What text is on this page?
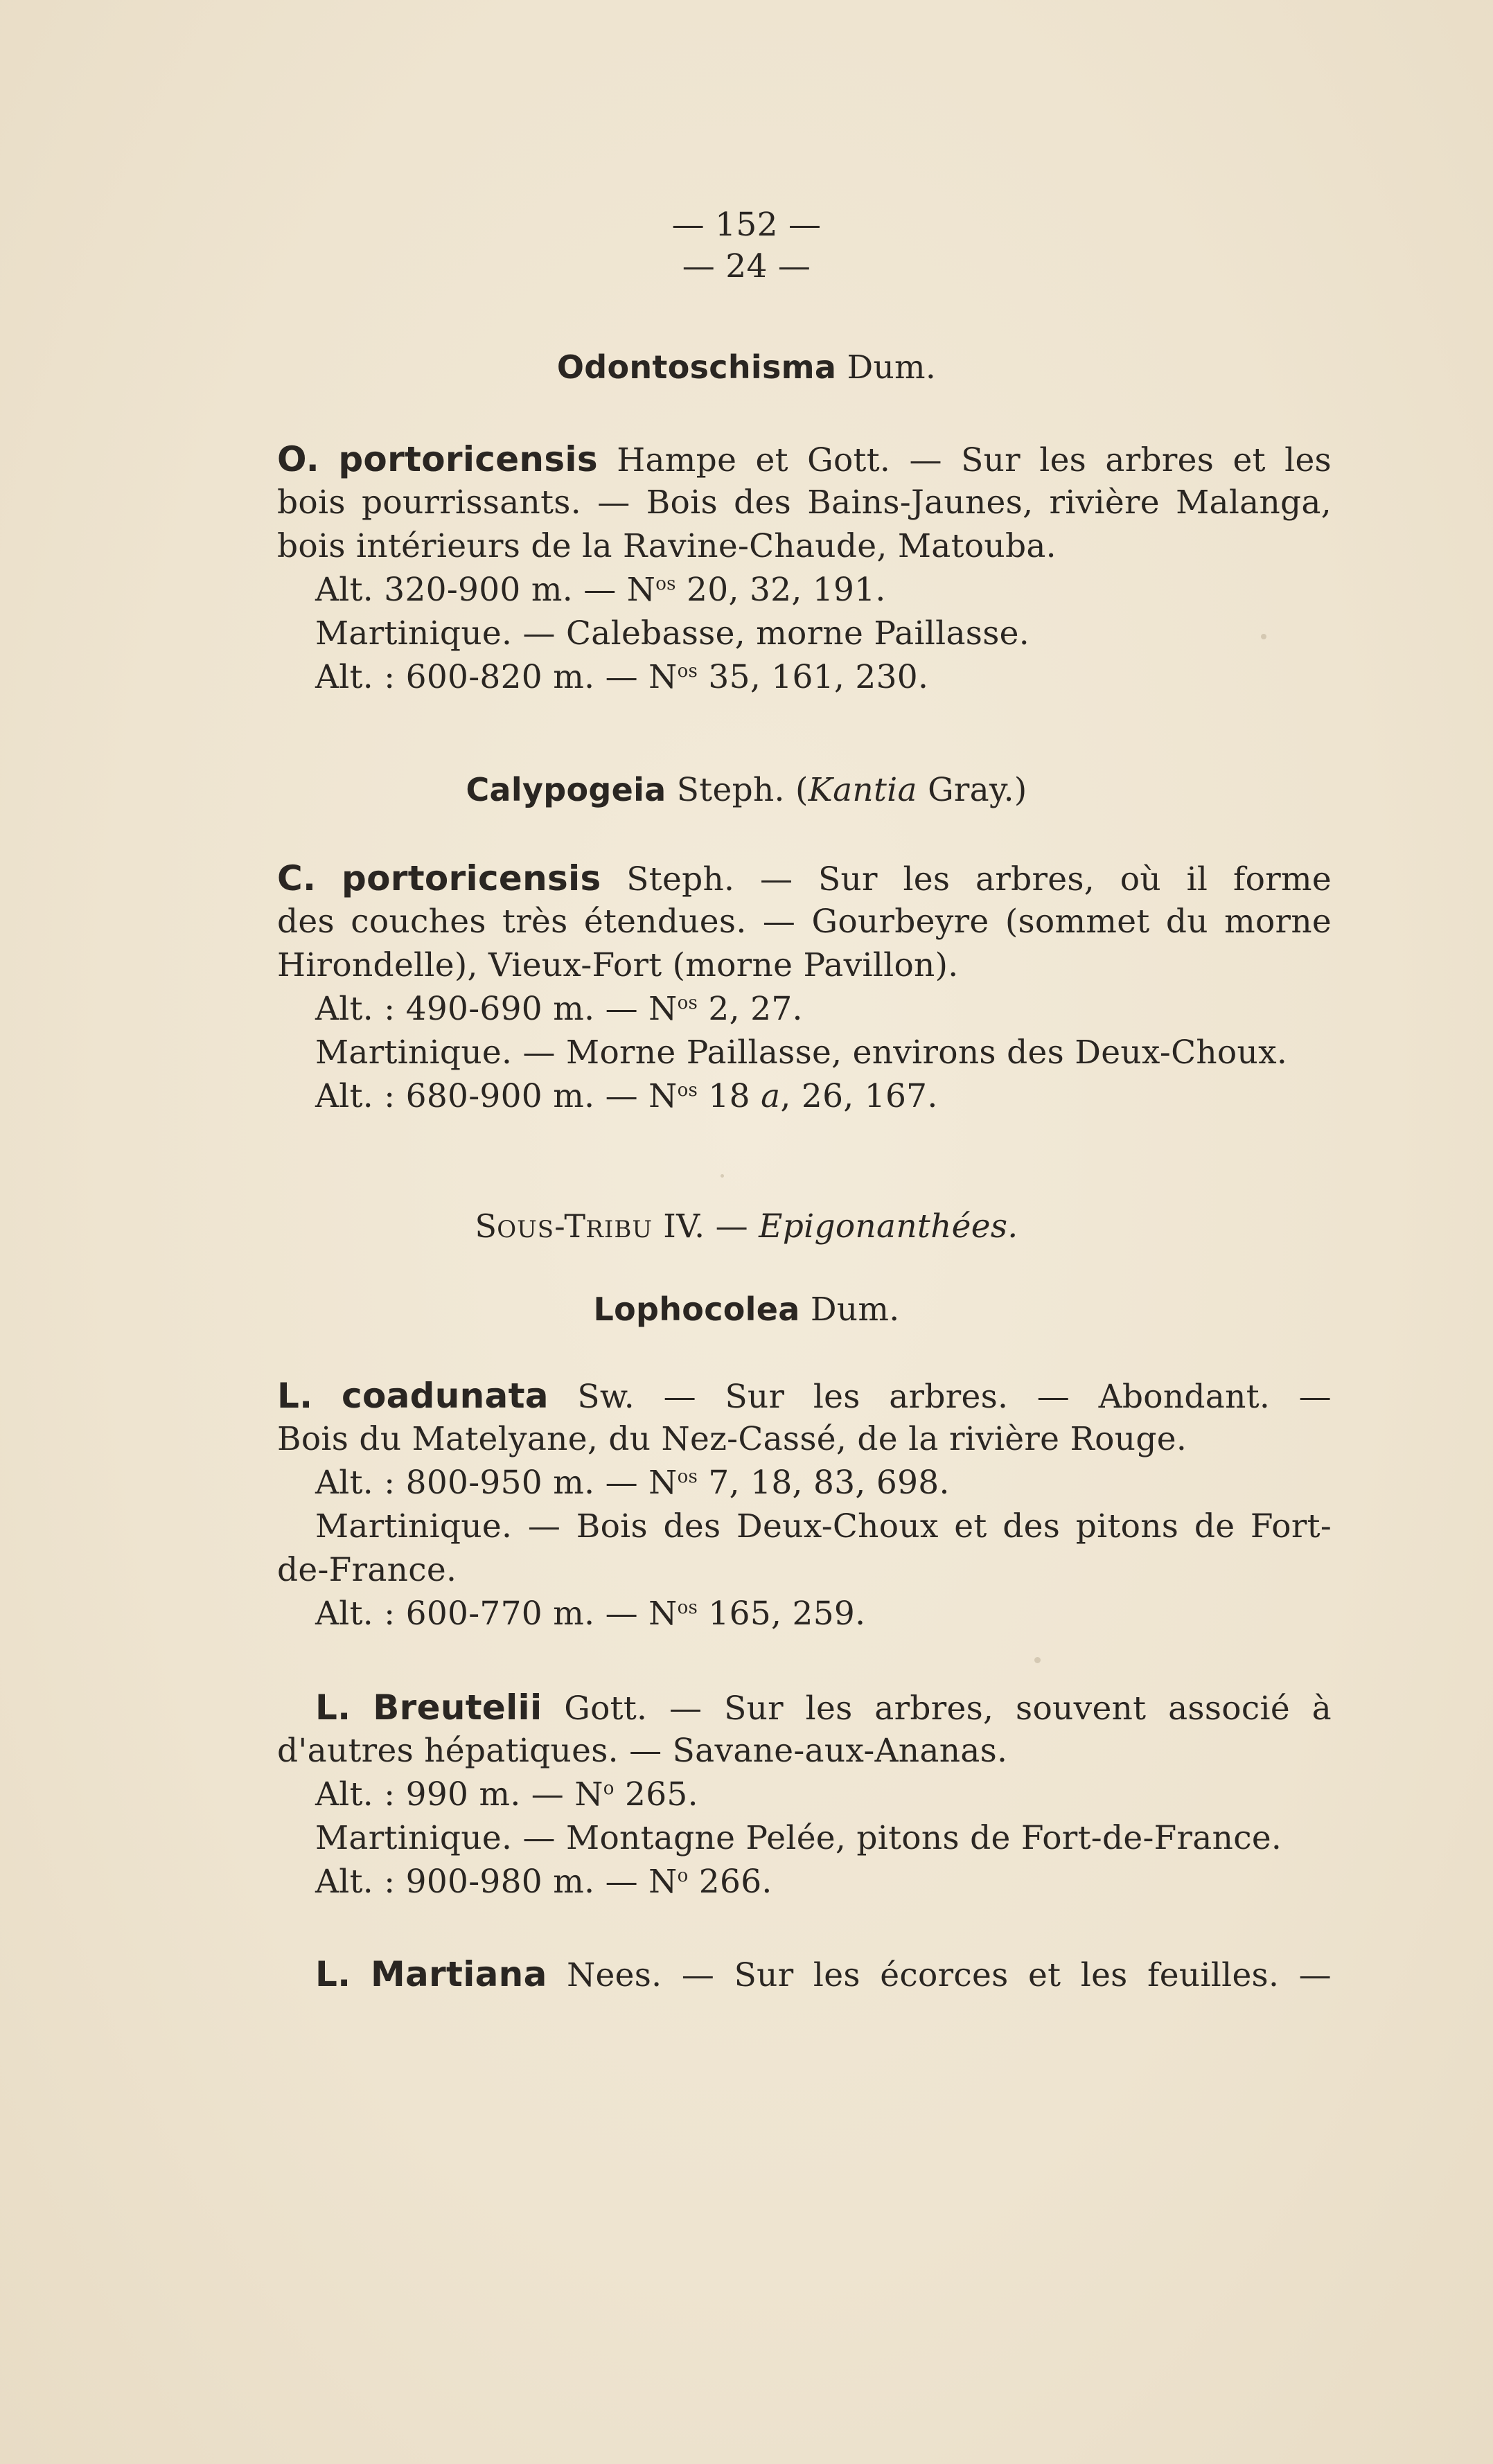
— 152 —
— 24 —
Odontoschisma Dum.
O. portoricensis Hampe et Gott. — Sur les arbres et les
bois pourrissants. — Bois des Bains-Jaunes, rivière Malanga,
bois intérieurs de la Ravine-Chaude, Matouba.
Alt. 320-900 m. — $N^{os}$ 20, 32, 191.
Martinique. — Calebasse, morne Paillasse.
Alt. : 600-820 m. — $N^{os}$ 35, 161, 230.
Calypogeia Steph. (Kantia Gray.)
C. portoricensis Steph. — Sur les arbres, où il forme
des couches très étendues. — Gourbeyre (sommet du morne
Hirondelle), Vieux-Fort (morne Pavillon).
Alt. : 490-690 m. — $N^{os}$ 2, 27.
Martinique. — Morne Paillasse, environs des Deux-Choux.
Alt. : 680-900 m. — $N^{os}$ 18 a, 26, 167.
SOUS-TRIBU IV. — Epigonanthées.
Lophocolea Dum.
L. coadunata Sw. — Sur les arbres. — Abondant. —
Bois du Matelyane, du Nez-Cassé, de la rivière Rouge.
Alt. : 800-950 m. — $N^{os}$ 7, 18, 83, 698.
Martinique. — Bois des Deux-Choux et des pitons de Fort-
de-France.
Alt. : 600-770 m. — $N^{os}$ 165, 259.
L. Breutelii Gott. — Sur les arbres, souvent associé à
d'autres hépatiques. — Savane-aux-Ananas.
Alt. : 990 m. — $N^o$ 265.
Martinique. — Montagne Pelée, pitons de Fort-de-France.
Alt. : 900-980 m. — $N^o$ 266.
L. Martiana Nees. — Sur les écorces et les feuilles. —
